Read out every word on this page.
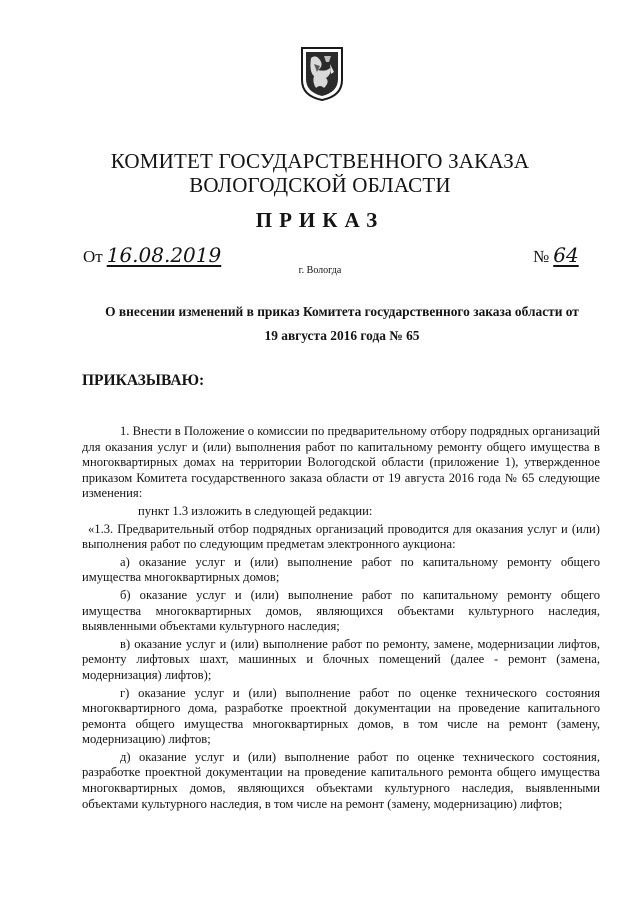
КОМИТЕТ ГОСУДАРСТВЕННОГО ЗАКАЗА
ВОЛОГОДСКОЙ ОБЛАСТИ
ПРИКАЗ
От 16.08.2019	№ 64
г. Вологда
О внесении изменений в приказ Комитета государственного заказа области от
19 августа 2016 года № 65
ПРИКАЗЫВАЮ:

1. Внести в Положение о комиссии по предварительному отбору подрядных организаций для оказания услуг и (или) выполнения работ по капитальному ремонту общего имущества в многоквартирных домах на территории Вологодской области (приложение 1), утвержденное приказом Комитета государственного заказа области от 19 августа 2016 года № 65 следующие изменения:

пункт 1.3 изложить в следующей редакции:

«1.3. Предварительный отбор подрядных организаций проводится для оказания услуг и (или) выполнения работ по следующим предметам электронного аукциона:

а) оказание услуг и (или) выполнение работ по капитальному ремонту общего имущества многоквартирных домов;

б) оказание услуг и (или) выполнение работ по капитальному ремонту общего имущества многоквартирных домов, являющихся объектами культурного наследия, выявленными объектами культурного наследия;

в) оказание услуг и (или) выполнение работ по ремонту, замене, модернизации лифтов, ремонту лифтовых шахт, машинных и блочных помещений (далее - ремонт (замена, модернизация) лифтов);

г) оказание услуг и (или) выполнение работ по оценке технического состояния многоквартирного дома, разработке проектной документации на проведение капитального ремонта общего имущества многоквартирных домов, в том числе на ремонт (замену, модернизацию) лифтов;

д) оказание услуг и (или) выполнение работ по оценке технического состояния, разработке проектной документации на проведение капитального ремонта общего имущества многоквартирных домов, являющихся объектами культурного наследия, выявленными объектами культурного наследия, в том числе на ремонт (замену, модернизацию) лифтов;
